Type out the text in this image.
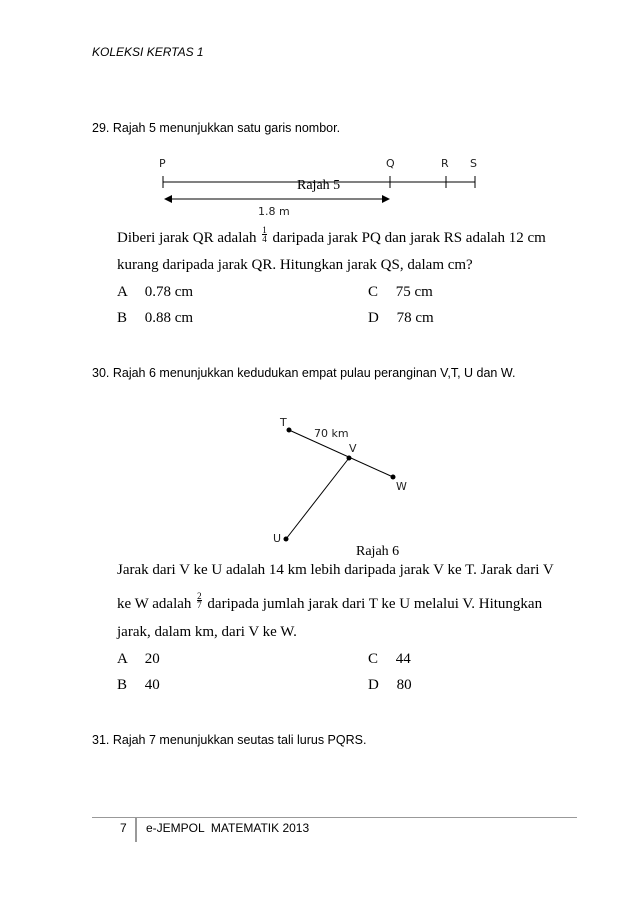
KOLEKSI KERTAS 1
29. Rajah 5 menunjukkan satu garis nombor.
P	Q	R S
Rajah 5
1.8 m
Diberi jarak QR adalah $\frac{1}{4}$ daripada jarak PQ dan jarak RS adalah 12 cm
kurang daripada jarak QR. Hitungkan jarak QS, dalam cm?
A 0.78 cm
B 0.88 cm
C 75 cm
D 78 cm
30. Rajah 6 menunjukkan kedudukan empat pulau peranginan V,T, U dan W.
T
70 km
V
W
U
Rajah 6
Jarak dari V ke U adalah 14 km lebih daripada jarak V ke T. Jarak dari V
ke W adalah $\frac{2}{7}$ daripada jumlah jarak dari T ke U melalui V. Hitungkan
jarak, dalam km, dari V ke W.
A 20
B 40
C 44
D 80
31. Rajah 7 menunjukkan seutas tali lurus PQRS.
7 e-JEMPOL  MATEMATIK 2013
